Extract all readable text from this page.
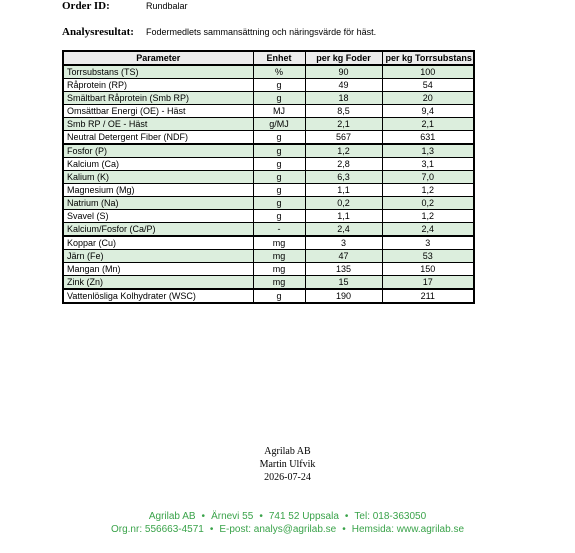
Order ID:	Rundbalar
Analysresultat: Fodermedlets sammansättning och näringsvärde för häst.
Parameter	Enhet	per kg Foder	per kg Torrsubstans
Torrsubstans (TS)	%	90	100
Råprotein (RP)	g	49	54
Smältbart Råprotein (Smb RP)	g	18	20
Omsättbar Energi (OE) - Häst	MJ	8,5	9,4
Smb RP / OE - Häst	g/MJ	2,1	2,1
Neutral Detergent Fiber (NDF)	g	567	631
Fosfor (P)	g	1,2	1,3
Kalcium (Ca)	g	2,8	3,1
Kalium (K)	g	6,3	7,0
Magnesium (Mg)	g	1,1	1,2
Natrium (Na)	g	0,2	0,2
Svavel (S)	g	1,1	1,2
Kalcium/Fosfor (Ca/P)	-	2,4	2,4
Koppar (Cu)	mg	3	3
Järn (Fe)	mg	47	53
Mangan (Mn)	mg	135	150
Zink (Zn)	mg	15	17
Vattenlösliga Kolhydrater (WSC)	g	190	211
Agrilab AB
Martin Ulfvik
2026-07-24
Agrilab AB • Ärnevi 55 • 741 52 Uppsala • Tel: 018-363050
Org.nr: 556663-4571 • E-post: analys@agrilab.se • Hemsida: www.agrilab.se
